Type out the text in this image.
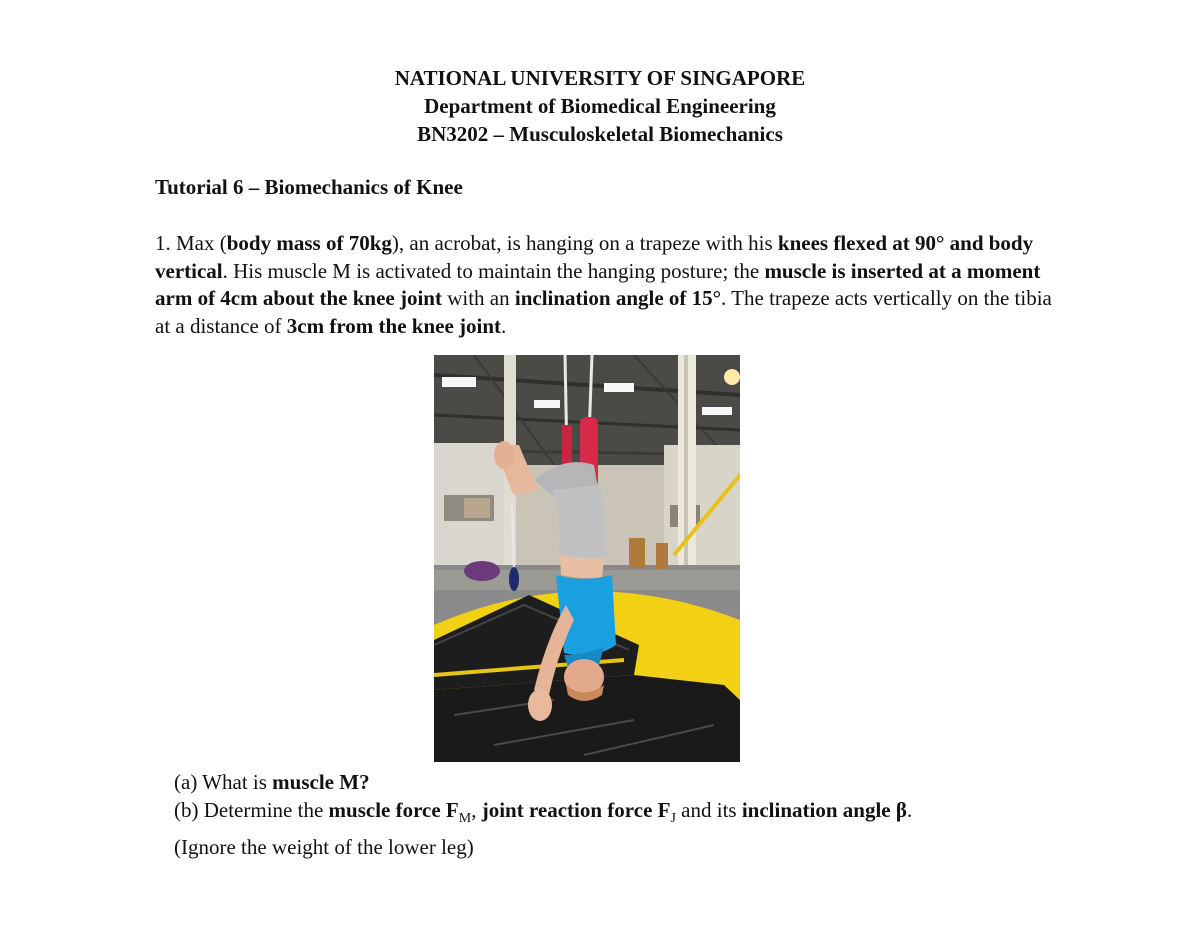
NATIONAL UNIVERSITY OF SINGAPORE
Department of Biomedical Engineering
BN3202 – Musculoskeletal Biomechanics
Tutorial 6 – Biomechanics of Knee
1. Max (body mass of 70kg), an acrobat, is hanging on a trapeze with his knees flexed at 90° and body vertical. His muscle M is activated to maintain the hanging posture; the muscle is inserted at a moment arm of 4cm about the knee joint with an inclination angle of 15°. The trapeze acts vertically on the tibia at a distance of 3cm from the knee joint.
(a) What is muscle M?
(b) Determine the muscle force $F_M$, joint reaction force $F_J$ and its inclination angle β.
(Ignore the weight of the lower leg)
